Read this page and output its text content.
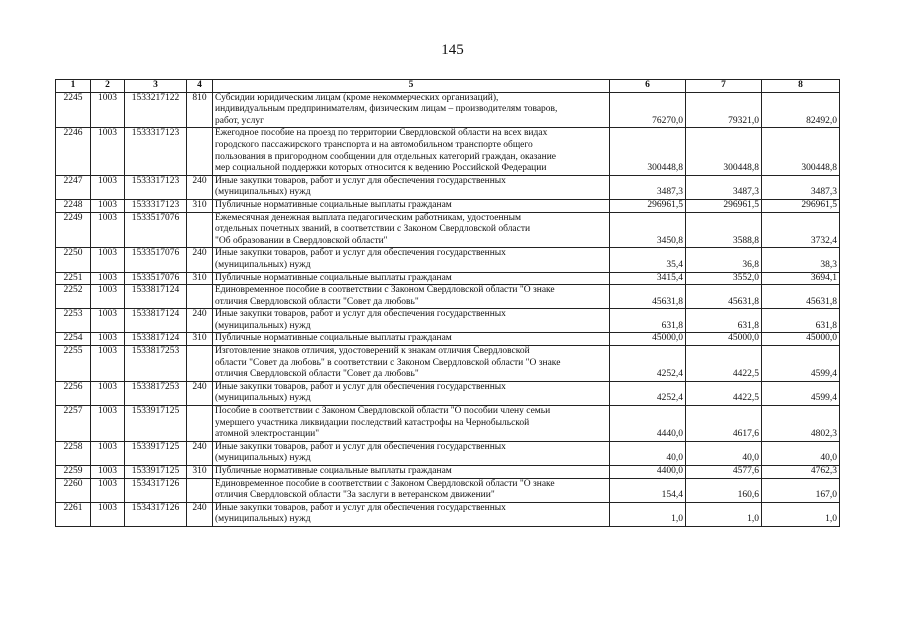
145
1	2	3	4	5	6	7	8
2245	1003	1533217122	810	Субсидии юридическим лицам (кроме некоммерческих организаций),
индивидуальным предпринимателям, физическим лицам – производителям товаров,
работ, услуг	76270,0	79321,0	82492,0
2246	1003	1533317123		Ежегодное пособие на проезд по территории Свердловской области на всех видах
городского пассажирского транспорта и на автомобильном транспорте общего
пользования в пригородном сообщении для отдельных категорий граждан, оказание
мер социальной поддержки которых относится к ведению Российской Федерации	300448,8	300448,8	300448,8
2247	1003	1533317123	240	Иные закупки товаров, работ и услуг для обеспечения государственных
(муниципальных) нужд	3487,3	3487,3	3487,3
2248	1003	1533317123	310	Публичные нормативные социальные выплаты гражданам	296961,5	296961,5	296961,5
2249	1003	1533517076		Ежемесячная денежная выплата педагогическим работникам, удостоенным
отдельных почетных званий, в соответствии с Законом Свердловской области
"Об образовании в Свердловской области"	3450,8	3588,8	3732,4
2250	1003	1533517076	240	Иные закупки товаров, работ и услуг для обеспечения государственных
(муниципальных) нужд	35,4	36,8	38,3
2251	1003	1533517076	310	Публичные нормативные социальные выплаты гражданам	3415,4	3552,0	3694,1
2252	1003	1533817124		Единовременное пособие в соответствии с Законом Свердловской области "О знаке
отличия Свердловской области "Совет да любовь"	45631,8	45631,8	45631,8
2253	1003	1533817124	240	Иные закупки товаров, работ и услуг для обеспечения государственных
(муниципальных) нужд	631,8	631,8	631,8
2254	1003	1533817124	310	Публичные нормативные социальные выплаты гражданам	45000,0	45000,0	45000,0
2255	1003	1533817253		Изготовление знаков отличия, удостоверений к знакам отличия Свердловской
области "Совет да любовь" в соответствии с Законом Свердловской области "О знаке
отличия Свердловской области "Совет да любовь"	4252,4	4422,5	4599,4
2256	1003	1533817253	240	Иные закупки товаров, работ и услуг для обеспечения государственных
(муниципальных) нужд	4252,4	4422,5	4599,4
2257	1003	1533917125		Пособие в соответствии с Законом Свердловской области "О пособии члену семьи
умершего участника ликвидации последствий катастрофы на Чернобыльской
атомной электростанции"	4440,0	4617,6	4802,3
2258	1003	1533917125	240	Иные закупки товаров, работ и услуг для обеспечения государственных
(муниципальных) нужд	40,0	40,0	40,0
2259	1003	1533917125	310	Публичные нормативные социальные выплаты гражданам	4400,0	4577,6	4762,3
2260	1003	1534317126		Единовременное пособие в соответствии с Законом Свердловской области "О знаке
отличия Свердловской области "За заслуги в ветеранском движении"	154,4	160,6	167,0
2261	1003	1534317126	240	Иные закупки товаров, работ и услуг для обеспечения государственных
(муниципальных) нужд	1,0	1,0	1,0
